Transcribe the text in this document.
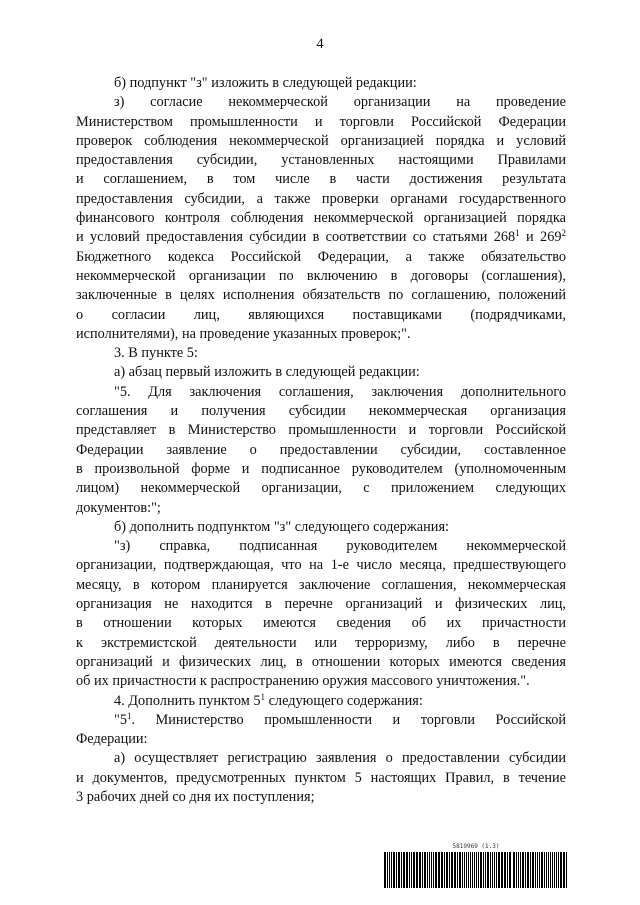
4
б) подпункт "з" изложить в следующей редакции:
з) согласие некоммерческой организации на проведение
Министерством промышленности и торговли Российской Федерации
проверок соблюдения некоммерческой организацией порядка и условий
предоставления субсидии, установленных настоящими Правилами
и соглашением, в том числе в части достижения результата
предоставления субсидии, а также проверки органами государственного
финансового контроля соблюдения некоммерческой организацией порядка
и условий предоставления субсидии в соответствии со статьями $268^1$ и $269^2$
Бюджетного кодекса Российской Федерации, а также обязательство
некоммерческой организации по включению в договоры (соглашения),
заключенные в целях исполнения обязательств по соглашению, положений
о согласии лиц, являющихся поставщиками (подрядчиками,
исполнителями), на проведение указанных проверок;".
3. В пункте 5:
а) абзац первый изложить в следующей редакции:
"5. Для заключения соглашения, заключения дополнительного
соглашения и получения субсидии некоммерческая организация
представляет в Министерство промышленности и торговли Российской
Федерации заявление о предоставлении субсидии, составленное
в произвольной форме и подписанное руководителем (уполномоченным
лицом) некоммерческой организации, с приложением следующих
документов:";
б) дополнить подпунктом "з" следующего содержания:
"з) справка, подписанная руководителем некоммерческой
организации, подтверждающая, что на 1-е число месяца, предшествующего
месяцу, в котором планируется заключение соглашения, некоммерческая
организация не находится в перечне организаций и физических лиц,
в отношении которых имеются сведения об их причастности
к экстремистской деятельности или терроризму, либо в перечне
организаций и физических лиц, в отношении которых имеются сведения
об их причастности к распространению оружия массового уничтожения.".
4. Дополнить пунктом $5^1$ следующего содержания:
"$5^1$. Министерство промышленности и торговли Российской
Федерации:
а) осуществляет регистрацию заявления о предоставлении субсидии
и документов, предусмотренных пунктом 5 настоящих Правил, в течение
3 рабочих дней со дня их поступления;
5819969 (1.3)
